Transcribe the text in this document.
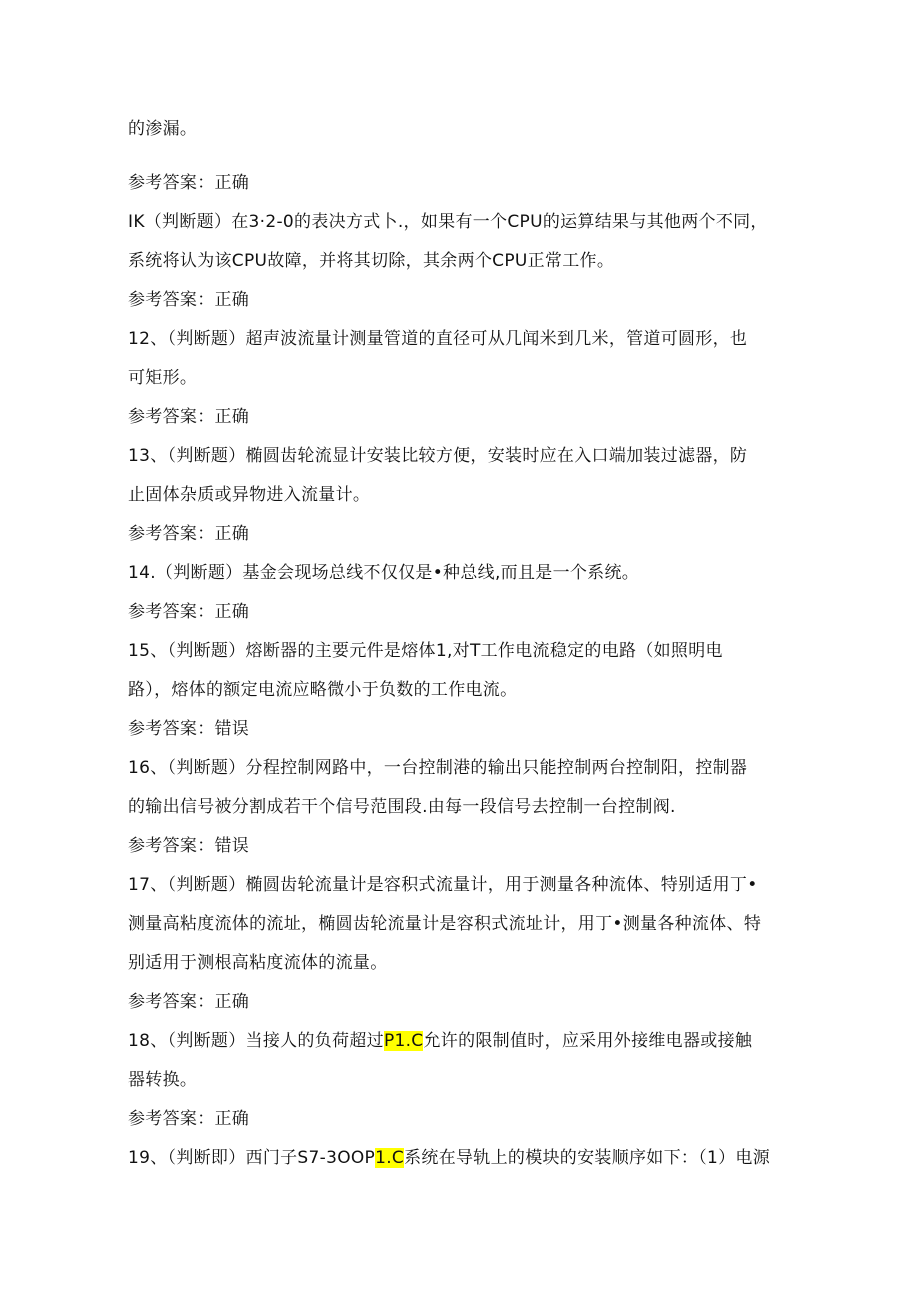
的渗漏。
参考答案：正确
IK（判断题）在3·2-0的表决方式卜.，如果有一个CPU的运算结果与其他两个不同，
系统将认为该CPU故障，并将其切除，其余两个CPU正常工作。
参考答案：正确
12、（判断题）超声波流量计测量管道的直径可从几闻米到几米，管道可圆形，也
可矩形。
参考答案：正确
13、（判断题）椭圆齿轮流显计安装比较方便，安装时应在入口端加装过滤器，防
止固体杂质或异物进入流量计。
参考答案：正确
14.（判断题）基金会现场总线不仅仅是•种总线,而且是一个系统。
参考答案：正确
15、（判断题）熔断器的主要元件是熔体1,对T工作电流稳定的电路（如照明电
路），熔体的额定电流应略微小于负数的工作电流。
参考答案：错误
16、（判断题）分程控制网路中，一台控制港的输出只能控制两台控制阳，控制器
的输出信号被分割成若干个信号范围段.由每一段信号去控制一台控制阀.
参考答案：错误
17、（判断题）椭圆齿轮流量计是容积式流量计，用于测量各种流体、特别适用丁•
测量高粘度流体的流址，椭圆齿轮流量计是容积式流址计，用丁•测量各种流体、特
别适用于测根高粘度流体的流量。
参考答案：正确
18、（判断题）当接人的负荷超过P1.C允许的限制值时，应采用外接维电器或接触
器转换。
参考答案：正确
19、（判断即）西门子S7-3OOP1.C系统在导轨上的模块的安装顺序如下：（1）电源
